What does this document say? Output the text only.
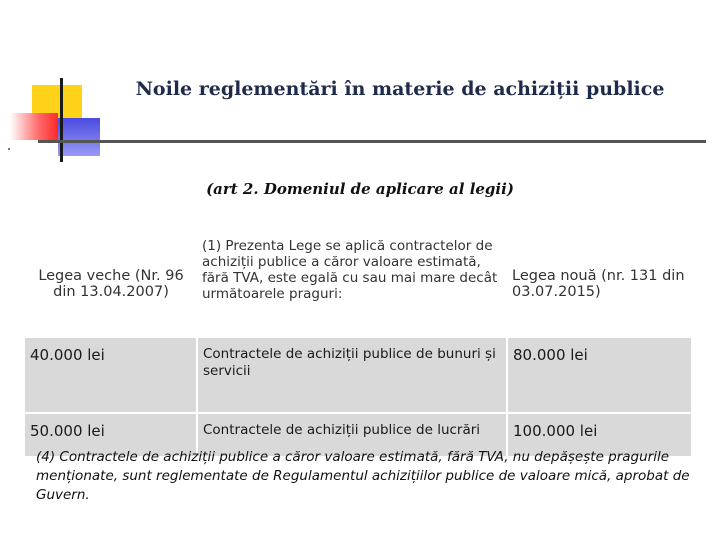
Noile reglementări în materie de achiziții publice
(art 2. Domeniul de aplicare al legii)
Legea veche (Nr. 96 din 13.04.2007)	(1) Prezenta Lege se aplică contractelor de achiziții publice a căror valoare estimată, fără TVA, este egală cu sau mai mare decât următoarele praguri:	Legea nouă (nr. 131 din 03.07.2015)
40.000 lei	Contractele de achiziții publice de bunuri și servicii	80.000 lei
50.000 lei	Contractele de achiziții publice de lucrări	100.000 lei
(4) Contractele de achiziții publice a căror valoare estimată, fără TVA, nu depășește pragurile menționate, sunt reglementate de Regulamentul achizițiilor publice de valoare mică, aprobat de Guvern.
